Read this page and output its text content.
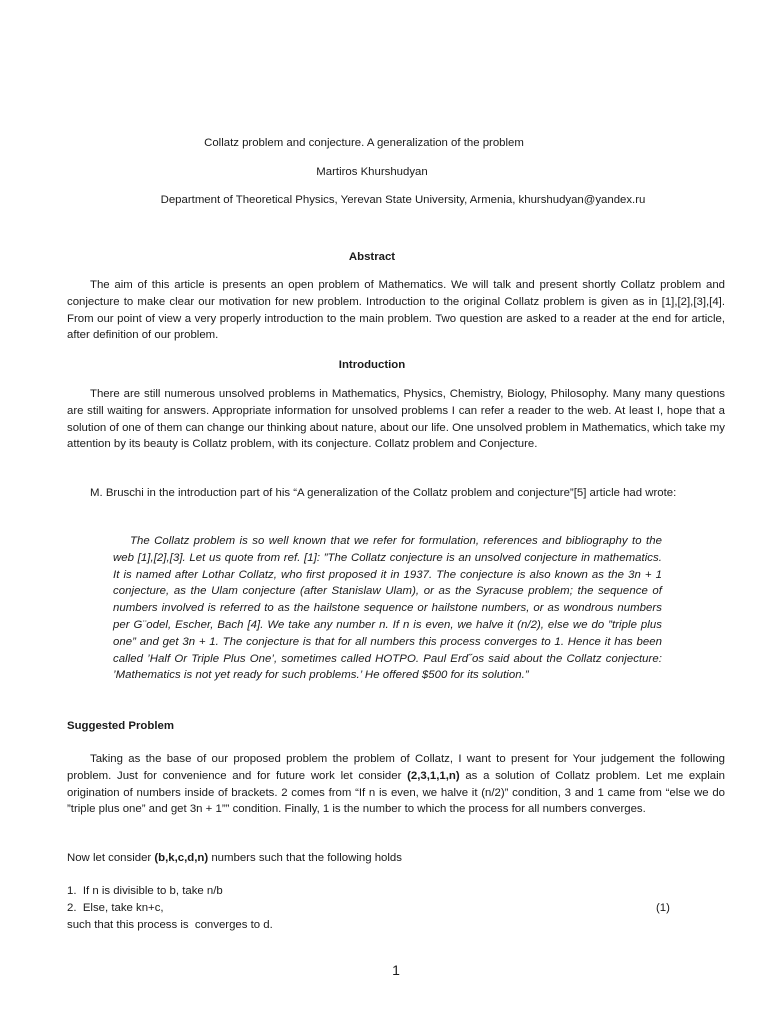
Collatz problem and conjecture. A generalization of the problem
Martiros Khurshudyan
Department of Theoretical Physics, Yerevan State University, Armenia, khurshudyan@yandex.ru
Abstract
The aim of this article is presents an open problem of Mathematics. We will talk and present shortly Collatz problem and conjecture to make clear our motivation for new problem. Introduction to the original Collatz problem is given as in [1],[2],[3],[4]. From our point of view a very properly introduction to the main problem. Two question are asked to a reader at the end for article, after definition of our problem.
Introduction
There are still numerous unsolved problems in Mathematics, Physics, Chemistry, Biology, Philosophy. Many many questions are still waiting for answers. Appropriate information for unsolved problems I can refer a reader to the web. At least I, hope that a solution of one of them can change our thinking about nature, about our life. One unsolved problem in Mathematics, which take my attention by its beauty is Collatz problem, with its conjecture. Collatz problem and Conjecture.
M. Bruschi in the introduction part of his “A generalization of the Collatz problem and conjecture”[5] article had wrote:
The Collatz problem is so well known that we refer for formulation, references and bibliography to the web [1],[2],[3]. Let us quote from ref. [1]: ”The Collatz conjecture is an unsolved conjecture in mathematics. It is named after Lothar Collatz, who first proposed it in 1937. The conjecture is also known as the 3n + 1 conjecture, as the Ulam conjecture (after Stanislaw Ulam), or as the Syracuse problem; the sequence of numbers involved is referred to as the hailstone sequence or hailstone numbers, or as wondrous numbers per G¨odel, Escher, Bach [4]. We take any number n. If n is even, we halve it (n/2), else we do ”triple plus one” and get 3n + 1. The conjecture is that for all numbers this process converges to 1. Hence it has been called ’Half Or Triple Plus One’, sometimes called HOTPO. Paul Erd˝os said about the Collatz conjecture: ’Mathematics is not yet ready for such problems.’ He offered $500 for its solution.”
Suggested Problem
Taking as the base of our proposed problem the problem of Collatz, I want to present for Your judgement the following problem. Just for convenience and for future work let consider (2,3,1,1,n) as a solution of Collatz problem. Let me explain origination of numbers inside of brackets. 2 comes from “If n is even, we halve it (n/2)” condition, 3 and 1 came from “else we do ”triple plus one” and get 3n + 1”” condition. Finally, 1 is the number to which the process for all numbers converges.
Now let consider (b,k,c,d,n) numbers such that the following holds
1.  If n is divisible to b, take n/b
2.  Else, take kn+c,	(1)
such that this process is  converges to d.
1
